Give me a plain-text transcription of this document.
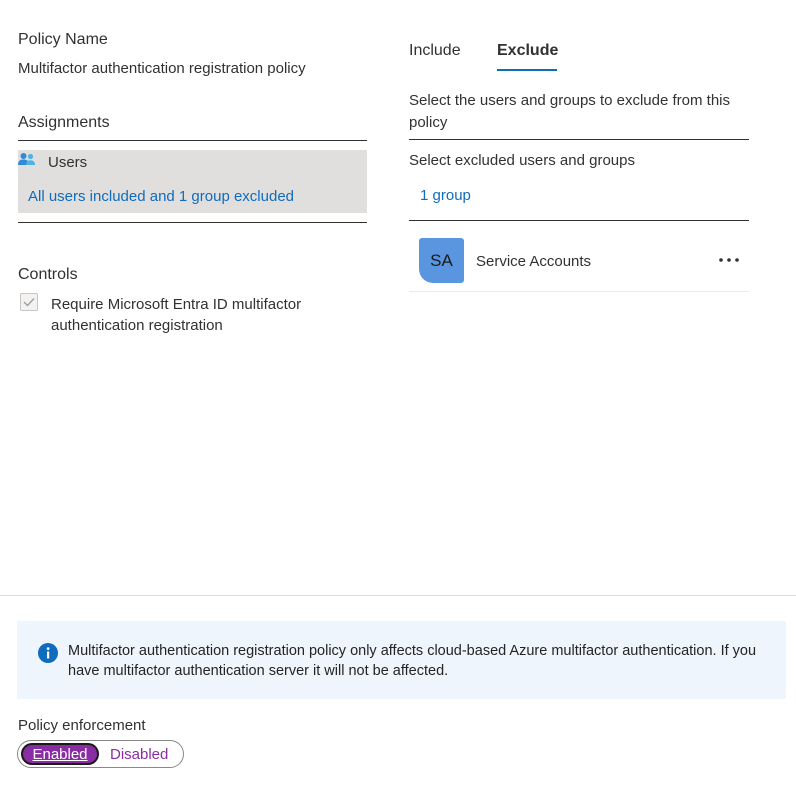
Policy Name
Multifactor authentication registration policy
Assignments
Users
All users included and 1 group excluded
Controls
Require Microsoft Entra ID multifactor authentication registration
Include Exclude
Select the users and groups to exclude from this policy
Select excluded users and groups
1 group
SA	Service Accounts
Multifactor authentication registration policy only affects cloud-based Azure multifactor authentication. If you have multifactor authentication server it will not be affected.
Policy enforcement
Enabled	Disabled
